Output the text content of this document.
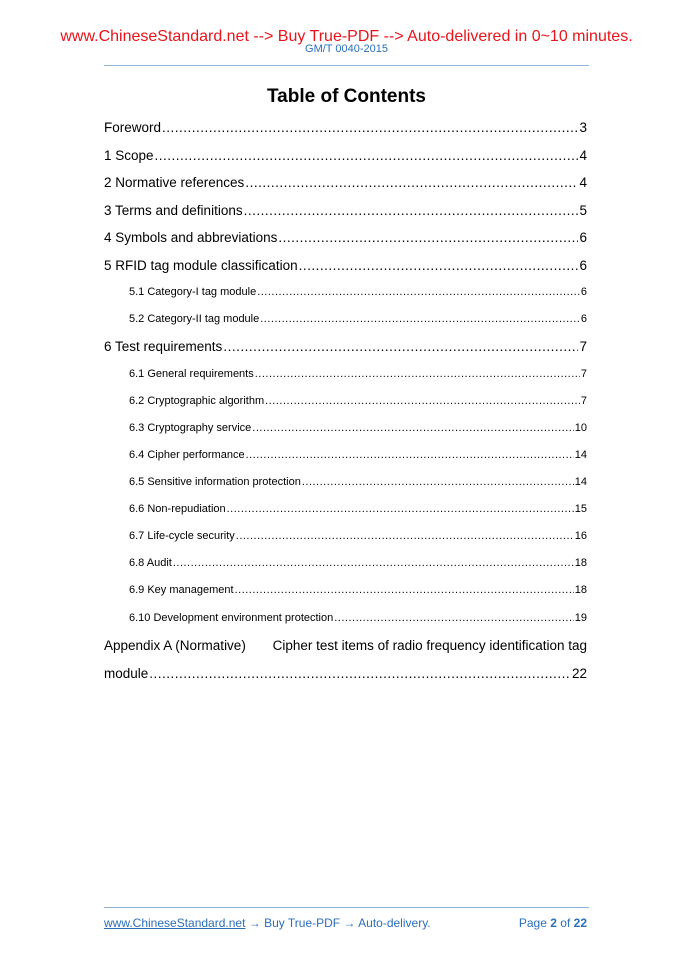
www.ChineseStandard.net --> Buy True-PDF --> Auto-delivered in 0~10 minutes.
GM/T 0040-2015
Table of Contents
Foreword .....	3
1 Scope .....	4
2 Normative references .....	4
3 Terms and definitions .....	5
4 Symbols and abbreviations .....	6
5 RFID tag module classification .....	6
5.1 Category-I tag module .....	6
5.2 Category-II tag module .....	6
6 Test requirements .....	7
6.1 General requirements .....	7
6.2 Cryptographic algorithm .....	7
6.3 Cryptography service .....	10
6.4 Cipher performance .....	14
6.5 Sensitive information protection .....	14
6.6 Non-repudiation .....	15
6.7 Life-cycle security .....	16
6.8 Audit .....	18
6.9 Key management .....	18
6.10 Development environment protection .....	19
Appendix A (Normative) Cipher test items of radio frequency identification tag
module .....	22
www.ChineseStandard.net → Buy True-PDF → Auto-delivery.	Page 2 of 22
